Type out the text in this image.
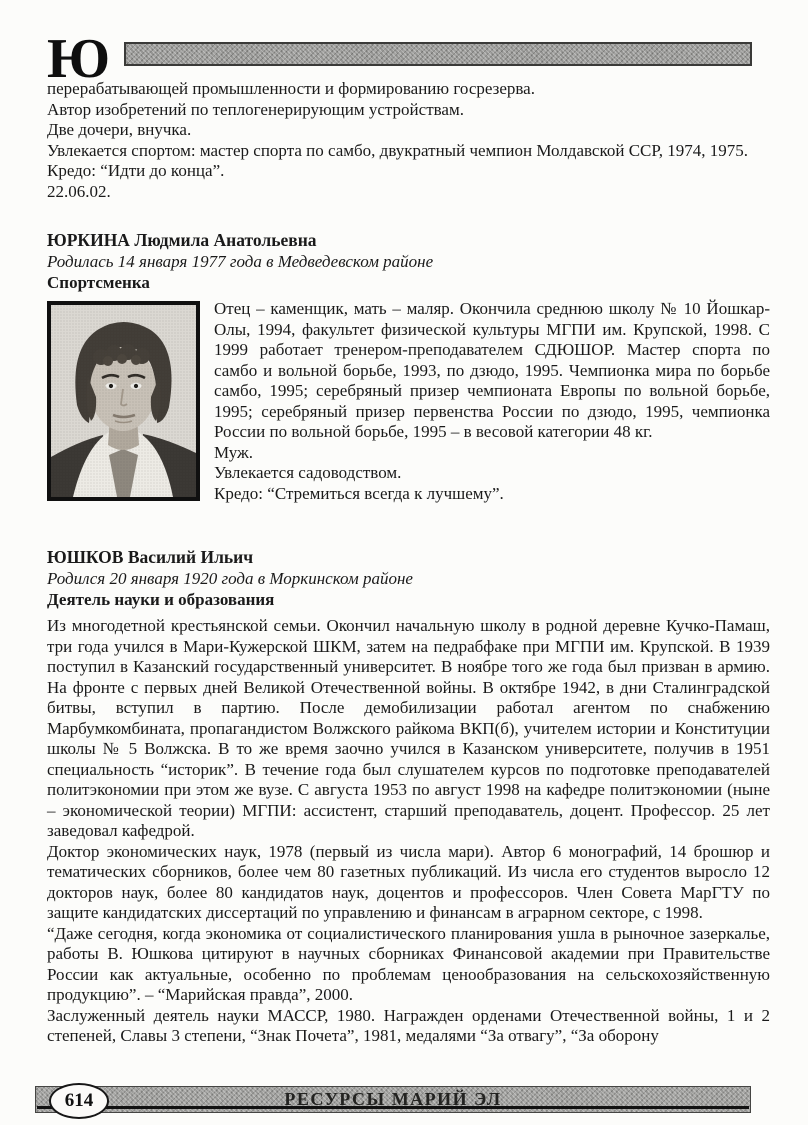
Ю

перерабатывающей промышленности и формированию госрезерва.

Автор изобретений по теплогенерирующим устройствам.

Две дочери, внучка.

Увлекается спортом: мастер спорта по самбо, двукратный чемпион Молдавской ССР, 1974, 1975.

Кредо: “Идти до конца”.

22.06.02.

ЮРКИНА Людмила Анатольевна

Родилась 14 января 1977 года в Медведевском районе

Спортсменка

Отец – каменщик, мать – маляр. Окончила среднюю школу № 10 Йошкар-Олы, 1994, факультет физической культуры МГПИ им. Крупской, 1998. С 1999 работает тренером-преподавателем СДЮШОР. Мастер спорта по самбо и вольной борьбе, 1993, по дзюдо, 1995. Чемпионка мира по борьбе самбо, 1995; серебряный призер чемпионата Европы по вольной борьбе, 1995; серебряный призер первенства России по дзюдо, 1995, чемпионка России по вольной борьбе, 1995 – в весовой категории 48 кг.

Муж.

Увлекается садоводством.

Кредо: “Стремиться всегда к лучшему”.

ЮШКОВ Василий Ильич

Родился 20 января 1920 года в Моркинском районе

Деятель науки и образования

Из многодетной крестьянской семьи. Окончил начальную школу в родной деревне Кучко-Памаш, три года учился в Мари-Кужерской ШКМ, затем на педрабфаке при МГПИ им. Крупской. В 1939 поступил в Казанский государственный университет. В ноябре того же года был призван в армию. На фронте с первых дней Великой Отечественной войны. В октябре 1942, в дни Сталинградской битвы, вступил в партию. После демобилизации работал агентом по снабжению Марбумкомбината, пропагандистом Волжского райкома ВКП(б), учителем истории и Конституции школы № 5 Волжска. В то же время заочно учился в Казанском университете, получив в 1951 специальность “историк”. В течение года был слушателем курсов по подготовке преподавателей политэкономии при этом же вузе. С августа 1953 по август 1998 на кафедре политэкономии (ныне – экономической теории) МГПИ: ассистент, старший преподаватель, доцент. Профессор. 25 лет заведовал кафедрой.

Доктор экономических наук, 1978 (первый из числа мари). Автор 6 монографий, 14 брошюр и тематических сборников, более чем 80 газетных публикаций. Из числа его студентов выросло 12 докторов наук, более 80 кандидатов наук, доцентов и профессоров. Член Совета МарГТУ по защите кандидатских диссертаций по управлению и финансам в аграрном секторе, с 1998.

“Даже сегодня, когда экономика от социалистического планирования ушла в рыночное зазеркалье, работы В. Юшкова цитируют в научных сборниках Финансовой академии при Правительстве России как актуальные, особенно по проблемам ценообразования на сельскохозяйственную продукцию”. – “Марийская правда”, 2000.

Заслуженный деятель науки МАССР, 1980. Награжден орденами Отечественной войны, 1 и 2 степеней, Славы 3 степени, “Знак Почета”, 1981, медалями “За отвагу”, “За оборону

614	РЕСУРСЫ МАРИЙ ЭЛ
